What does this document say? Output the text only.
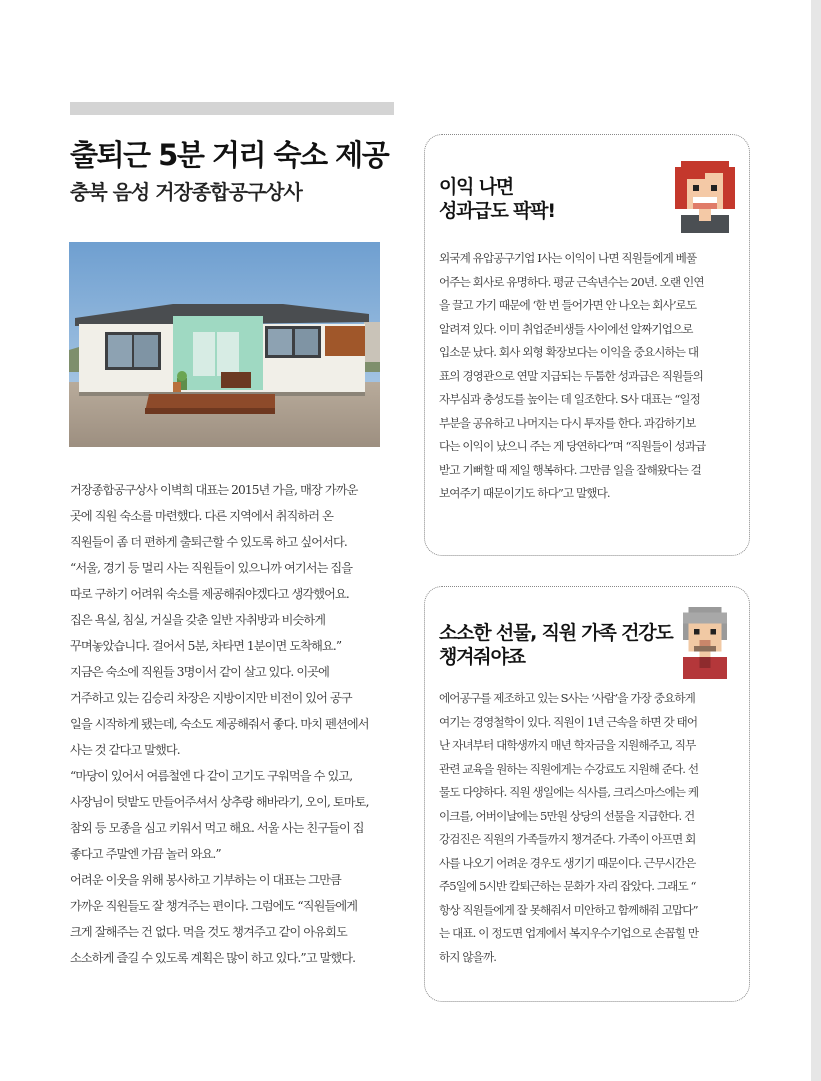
출퇴근 5분 거리 숙소 제공
충북 음성 거장종합공구상사
거장종합공구상사 이벽희 대표는 2015년 가을, 매장 가까운
곳에 직원 숙소를 마련했다. 다른 지역에서 취직하러 온
직원들이 좀 더 편하게 출퇴근할 수 있도록 하고 싶어서다.
“서울, 경기 등 멀리 사는 직원들이 있으니까 여기서는 집을
따로 구하기 어려워 숙소를 제공해줘야겠다고 생각했어요.
집은 욕실, 침실, 거실을 갖춘 일반 자취방과 비슷하게
꾸며놓았습니다. 걸어서 5분, 차타면 1분이면 도착해요.”
지금은 숙소에 직원들 3명이서 같이 살고 있다. 이곳에
거주하고 있는 김승리 차장은 지방이지만 비전이 있어 공구
일을 시작하게 됐는데, 숙소도 제공해줘서 좋다. 마치 펜션에서
사는 것 같다고 말했다.
“마당이 있어서 여름철엔 다 같이 고기도 구워먹을 수 있고,
사장님이 텃밭도 만들어주셔서 상추랑 해바라기, 오이, 토마토,
참외 등 모종을 심고 키워서 먹고 해요. 서울 사는 친구들이 집
좋다고 주말엔 가끔 놀러 와요.”
어려운 이웃을 위해 봉사하고 기부하는 이 대표는 그만큼
가까운 직원들도 잘 챙겨주는 편이다. 그럼에도 “직원들에게
크게 잘해주는 건 없다. 먹을 것도 챙겨주고 같이 아유회도
소소하게 즐길 수 있도록 계획은 많이 하고 있다.”고 말했다.
이익 나면
성과급도 팍팍!
외국계 유압공구기업 I사는 이익이 나면 직원들에게 베풀
어주는 회사로 유명하다. 평균 근속년수는 20년. 오랜 인연
을 끌고 가기 때문에 ‘한 번 들어가면 안 나오는 회사’로도
알려져 있다. 이미 취업준비생들 사이에선 알짜기업으로
입소문 났다. 회사 외형 확장보다는 이익을 중요시하는 대
표의 경영관으로 연말 지급되는 두툼한 성과급은 직원들의
자부심과 충성도를 높이는 데 일조한다. S사 대표는 “일정
부분을 공유하고 나머지는 다시 투자를 한다. 과감하기보
다는 이익이 났으니 주는 게 당연하다”며 “직원들이 성과급
받고 기뻐할 때 제일 행복하다. 그만큼 일을 잘해왔다는 걸
보여주기 때문이기도 하다”고 말했다.
소소한 선물, 직원 가족 건강도
챙겨줘야죠
에어공구를 제조하고 있는 S사는 ‘사람’을 가장 중요하게
여기는 경영철학이 있다. 직원이 1년 근속을 하면 갓 태어
난 자녀부터 대학생까지 매년 학자금을 지원해주고, 직무
관련 교육을 원하는 직원에게는 수강료도 지원해 준다. 선
물도 다양하다. 직원 생일에는 식사를, 크리스마스에는 케
이크를, 어버이날에는 5만원 상당의 선물을 지급한다. 건
강검진은 직원의 가족들까지 챙겨준다. 가족이 아프면 회
사를 나오기 어려운 경우도 생기기 때문이다. 근무시간은
주5일에 5시반 칼퇴근하는 문화가 자리 잡았다. 그래도 “
항상 직원들에게 잘 못해줘서 미안하고 함께해줘 고맙다”
는 대표. 이 정도면 업계에서 복지우수기업으로 손꼽힐 만
하지 않을까.
